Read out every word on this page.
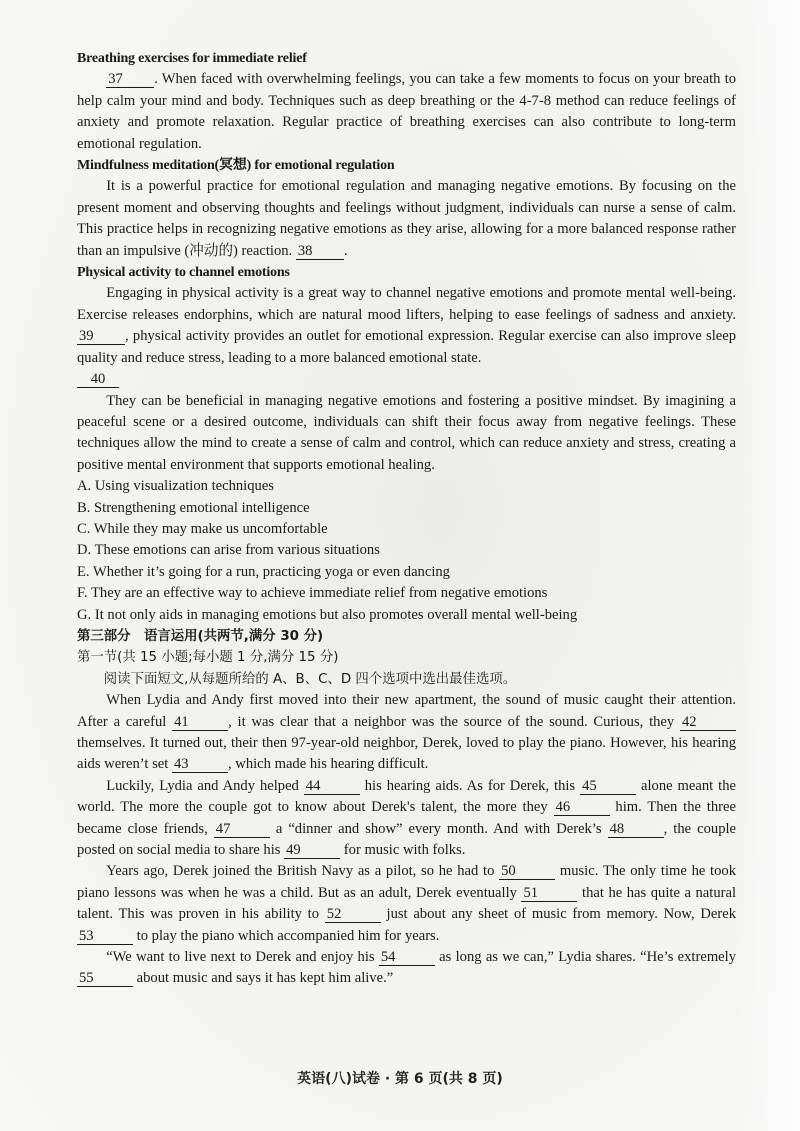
Breathing exercises for immediate relief

37 . When faced with overwhelming feelings, you can take a few moments to focus on your breath to help calm your mind and body. Techniques such as deep breathing or the 4-7-8 method can reduce feelings of anxiety and promote relaxation. Regular practice of breathing exercises can also contribute to long-term emotional regulation.

Mindfulness meditation(冥想) for emotional regulation

It is a powerful practice for emotional regulation and managing negative emotions. By focusing on the present moment and observing thoughts and feelings without judgment, individuals can nurse a sense of calm. This practice helps in recognizing negative emotions as they arise, allowing for a more balanced response rather than an impulsive (冲动的) reaction. 38 .

Physical activity to channel emotions

Engaging in physical activity is a great way to channel negative emotions and promote mental well-being. Exercise releases endorphins, which are natural mood lifters, helping to ease feelings of sadness and anxiety. 39 , physical activity provides an outlet for emotional expression. Regular exercise can also improve sleep quality and reduce stress, leading to a more balanced emotional state.

40

They can be beneficial in managing negative emotions and fostering a positive mindset. By imagining a peaceful scene or a desired outcome, individuals can shift their focus away from negative feelings. These techniques allow the mind to create a sense of calm and control, which can reduce anxiety and stress, creating a positive mental environment that supports emotional healing.

A. Using visualization techniques

B. Strengthening emotional intelligence

C. While they may make us uncomfortable

D. These emotions can arise from various situations

E. Whether it’s going for a run, practicing yoga or even dancing

F. They are an effective way to achieve immediate relief from negative emotions

G. It not only aids in managing emotions but also promotes overall mental well-being

第三部分　语言运用(共两节,满分 30 分)
第一节(共 15 小题;每小题 1 分,满分 15 分)
阅读下面短文,从每题所给的 A、B、C、D 四个选项中选出最佳选项。

When Lydia and Andy first moved into their new apartment, the sound of music caught their attention. After a careful 41	, it was clear that a neighbor was the source of the sound. Curious, they 42 themselves. It turned out, their then 97-year-old neighbor, Derek, loved to play the piano. However, his hearing aids weren’t set 43	, which made his hearing difficult.

Luckily, Lydia and Andy helped 44	his hearing aids. As for Derek, this 45	alone meant the world. The more the couple got to know about Derek's talent, the more they 46	him. Then the three became close friends, 47	a “dinner and show” every month. And with Derek’s 48	, the couple posted on social media to share his 49	for music with folks.

Years ago, Derek joined the British Navy as a pilot, so he had to 50	music. The only time he took piano lessons was when he was a child. But as an adult, Derek eventually 51	that he has quite a natural talent. This was proven in his ability to 52	just about any sheet of music from memory. Now, Derek 53	to play the piano which accompanied him for years.

“We want to live next to Derek and enjoy his 54	as long as we can,” Lydia shares. “He’s extremely 55	about music and says it has kept him alive.”

英语(八)试卷 · 第 6 页(共 8 页)
